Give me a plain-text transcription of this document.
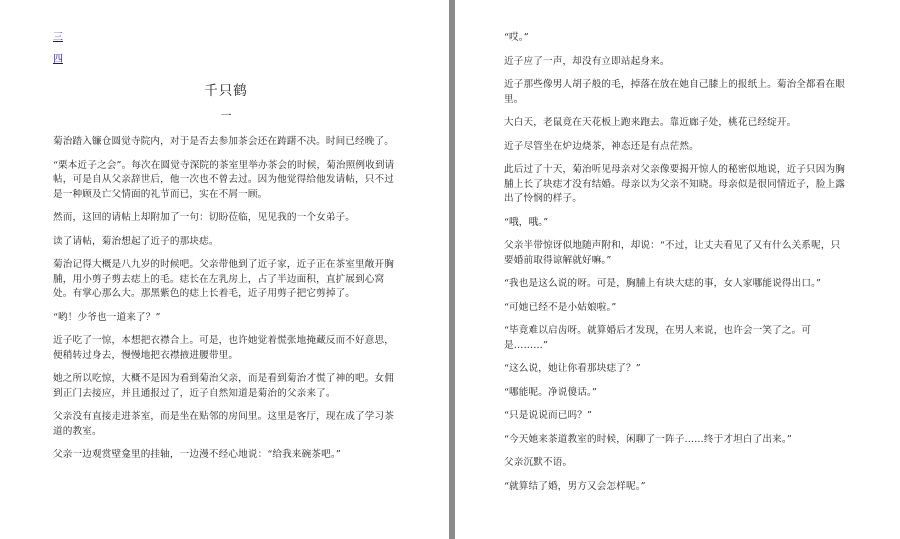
三
四
千只鹤
一

菊治踏入镰仓圆觉寺院内，对于是否去参加茶会还在踌躇不决。时间已经晚了。

“栗本近子之会”。每次在圆觉寺深院的茶室里举办茶会的时候，菊治照例收到请帖，可是自从父亲辞世后，他一次也不曾去过。因为他觉得给他发请帖，只不过是一种顾及亡父情面的礼节而已，实在不屑一顾。

然而，这回的请帖上却附加了一句：切盼莅临，见见我的一个女弟子。

读了请帖，菊治想起了近子的那块痣。

菊治记得大概是八九岁的时候吧。父亲带他到了近子家，近子正在茶室里敞开胸脯，用小剪子剪去痣上的毛。痣长在左乳房上，占了半边面积，直扩展到心窝处。有掌心那么大。那黑紫色的痣上长着毛，近子用剪子把它剪掉了。

“哟！少爷也一道来了？”

近子吃了一惊，本想把衣襟合上。可是，也许她觉着慌张地掩藏反而不好意思，便稍转过身去，慢慢地把衣襟掖进腰带里。

她之所以吃惊，大概不是因为看到菊治父亲，而是看到菊治才慌了神的吧。女佣到正门去接应，并且通报过了，近子自然知道是菊治的父亲来了。

父亲没有直接走进茶室，而是坐在贴邻的房间里。这里是客厅，现在成了学习茶道的教室。

父亲一边观赏壁龛里的挂轴，一边漫不经心地说：“给我来碗茶吧。”

“哎。”

近子应了一声，却没有立即站起身来。

近子那些像男人胡子般的毛，掉落在放在她自己膝上的报纸上。菊治全都看在眼里。

大白天，老鼠竟在天花板上跑来跑去。靠近廊子处，桃花已经绽开。

近子尽管坐在炉边烧茶，神态还是有点茫然。

此后过了十天，菊治听见母亲对父亲像要揭开惊人的秘密似地说，近子只因为胸脯上长了块痣才没有结婚。母亲以为父亲不知晓。母亲似是很同情近子，脸上露出了怜悯的样子。

“哦，哦。”

父亲半带惊讶似地随声附和，却说：“不过，让丈夫看见了又有什么关系呢，只要婚前取得谅解就好嘛。”

“我也是这么说的呀。可是，胸脯上有块大痣的事，女人家哪能说得出口。”

“可她已经不是小姑娘啦。”

“毕竟难以启齿呀。就算婚后才发现，在男人来说，也许会一笑了之。可是………”

“这么说，她让你看那块痣了？”

“哪能呢。净说傻话。”

“只是说说而已吗？”

“今天她来茶道教室的时候，闲聊了一阵子……终于才坦白了出来。”

父亲沉默不语。

“就算结了婚，男方又会怎样呢。”
